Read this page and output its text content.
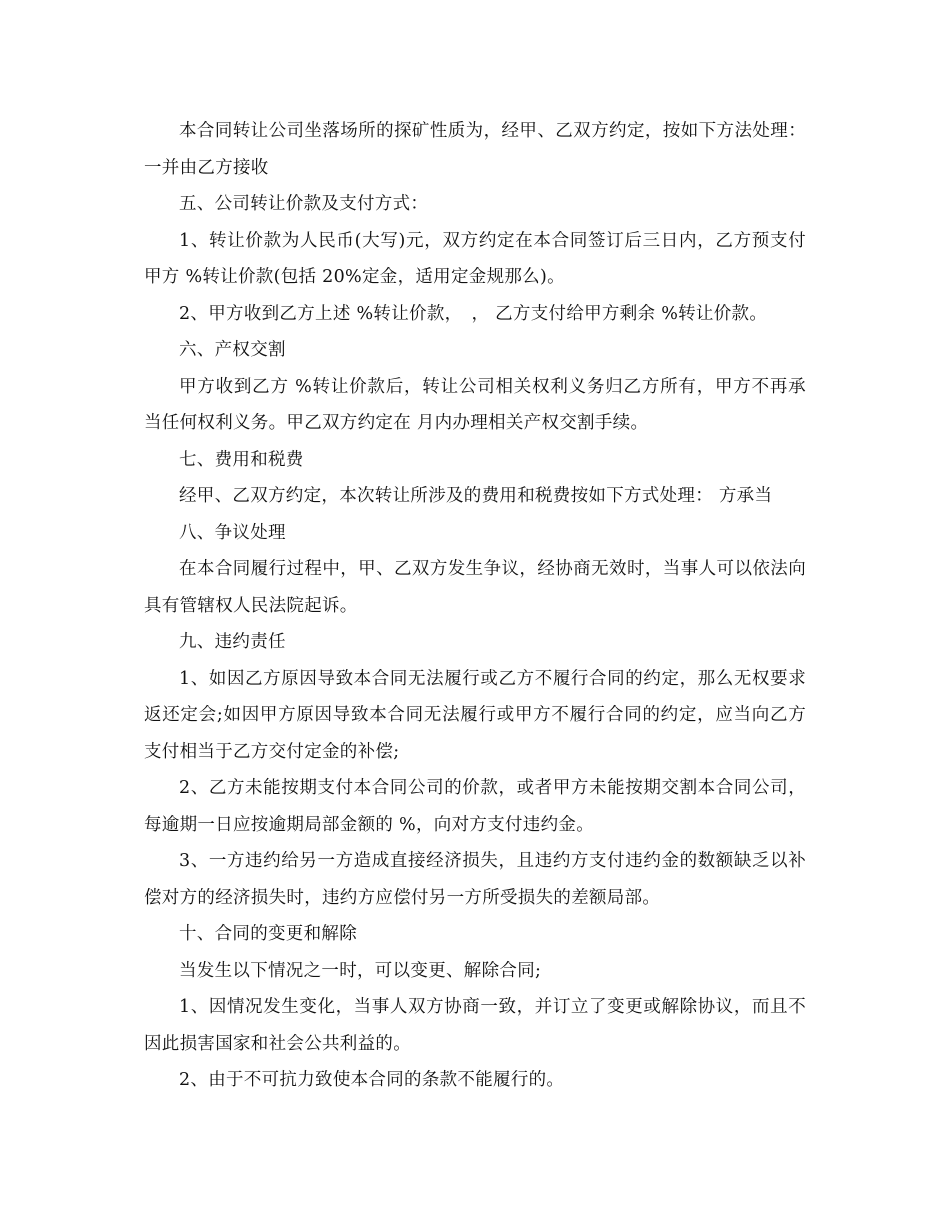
本合同转让公司坐落场所的探矿性质为，经甲、乙双方约定，按如下方法处理：一并由乙方接收

五、公司转让价款及支付方式：

1、转让价款为人民币(大写)元，双方约定在本合同签订后三日内，乙方预支付甲方 %转让价款(包括 20%定金，适用定金规那么)。

2、甲方收到乙方上述 %转让价款，　， 乙方支付给甲方剩余 %转让价款。

六、产权交割

甲方收到乙方 %转让价款后，转让公司相关权利义务归乙方所有，甲方不再承当任何权利义务。甲乙双方约定在 月内办理相关产权交割手续。

七、费用和税费

经甲、乙双方约定，本次转让所涉及的费用和税费按如下方式处理： 方承当

八、争议处理

在本合同履行过程中，甲、乙双方发生争议，经协商无效时，当事人可以依法向具有管辖权人民法院起诉。

九、违约责任

1、如因乙方原因导致本合同无法履行或乙方不履行合同的约定，那么无权要求返还定会;如因甲方原因导致本合同无法履行或甲方不履行合同的约定，应当向乙方支付相当于乙方交付定金的补偿;

2、乙方未能按期支付本合同公司的价款，或者甲方未能按期交割本合同公司，每逾期一日应按逾期局部金额的 %，向对方支付违约金。

3、一方违约给另一方造成直接经济损失，且违约方支付违约金的数额缺乏以补偿对方的经济损失时，违约方应偿付另一方所受损失的差额局部。

十、合同的变更和解除

当发生以下情况之一时，可以变更、解除合同;

1、因情况发生变化，当事人双方协商一致，并订立了变更或解除协议，而且不因此损害国家和社会公共利益的。

2、由于不可抗力致使本合同的条款不能履行的。
